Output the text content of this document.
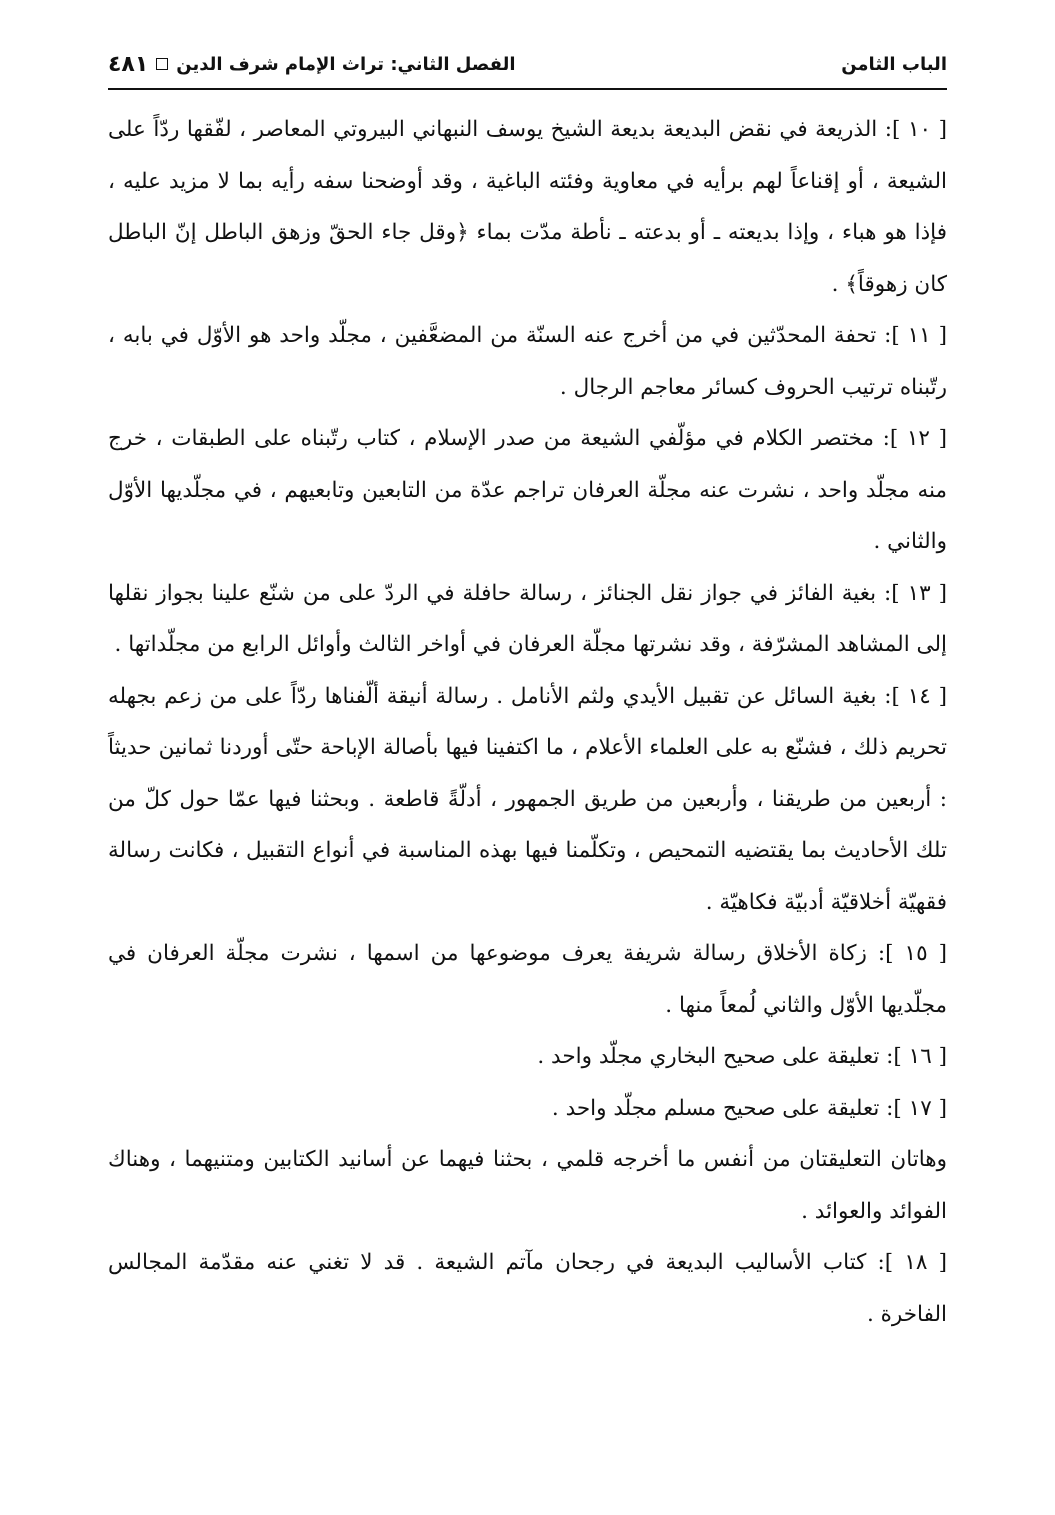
الباب الثامن
الفصل الثاني: تراث الإمام شرف الدين
٤٨١

[ ١٠ ]: الذريعة في نقض البديعة بديعة الشيخ يوسف النبهاني البيروتي المعاصر ، لفّقها ردّاً على الشيعة ، أو إقناعاً لهم برأيه في معاوية وفئته الباغية ، وقد أوضحنا سفه رأيه بما لا مزيد عليه ، فإذا هو هباء ، وإذا بديعته ـ أو بدعته ـ نأطة مدّت بماء ﴿وقل جاء الحقّ وزهق الباطل إنّ الباطل كان زهوقاً﴾ .

[ ١١ ]: تحفة المحدّثين في من أخرج عنه السنّة من المضعَّفين ، مجلّد واحد هو الأوّل في بابه ، رتّبناه ترتيب الحروف كسائر معاجم الرجال .

[ ١٢ ]: مختصر الكلام في مؤلّفي الشيعة من صدر الإسلام ، كتاب رتّبناه على الطبقات ، خرج منه مجلّد واحد ، نشرت عنه مجلّة العرفان تراجم عدّة من التابعين وتابعيهم ، في مجلّديها الأوّل والثاني .

[ ١٣ ]: بغية الفائز في جواز نقل الجنائز ، رسالة حافلة في الردّ على من شنّع علينا بجواز نقلها إلى المشاهد المشرّفة ، وقد نشرتها مجلّة العرفان في أواخر الثالث وأوائل الرابع من مجلّداتها .

[ ١٤ ]: بغية السائل عن تقبيل الأيدي ولثم الأنامل . رسالة أنيقة ألّفناها ردّاً على من زعم بجهله تحريم ذلك ، فشنّع به على العلماء الأعلام ، ما اكتفينا فيها بأصالة الإباحة حتّى أوردنا ثمانين حديثاً : أربعين من طريقنا ، وأربعين من طريق الجمهور ، أدلّةً قاطعة . وبحثنا فيها عمّا حول كلّ من تلك الأحاديث بما يقتضيه التمحيص ، وتكلّمنا فيها بهذه المناسبة في أنواع التقبيل ، فكانت رسالة فقهيّة أخلاقيّة أدبيّة فكاهيّة .

[ ١٥ ]: زكاة الأخلاق رسالة شريفة يعرف موضوعها من اسمها ، نشرت مجلّة العرفان في مجلّديها الأوّل والثاني لُمعاً منها .

[ ١٦ ]: تعليقة على صحيح البخاري مجلّد واحد .

[ ١٧ ]: تعليقة على صحيح مسلم مجلّد واحد .

وهاتان التعليقتان من أنفس ما أخرجه قلمي ، بحثنا فيهما عن أسانيد الكتابين ومتنيهما ، وهناك الفوائد والعوائد .

[ ١٨ ]: كتاب الأساليب البديعة في رجحان مآتم الشيعة . قد لا تغني عنه مقدّمة المجالس الفاخرة .
